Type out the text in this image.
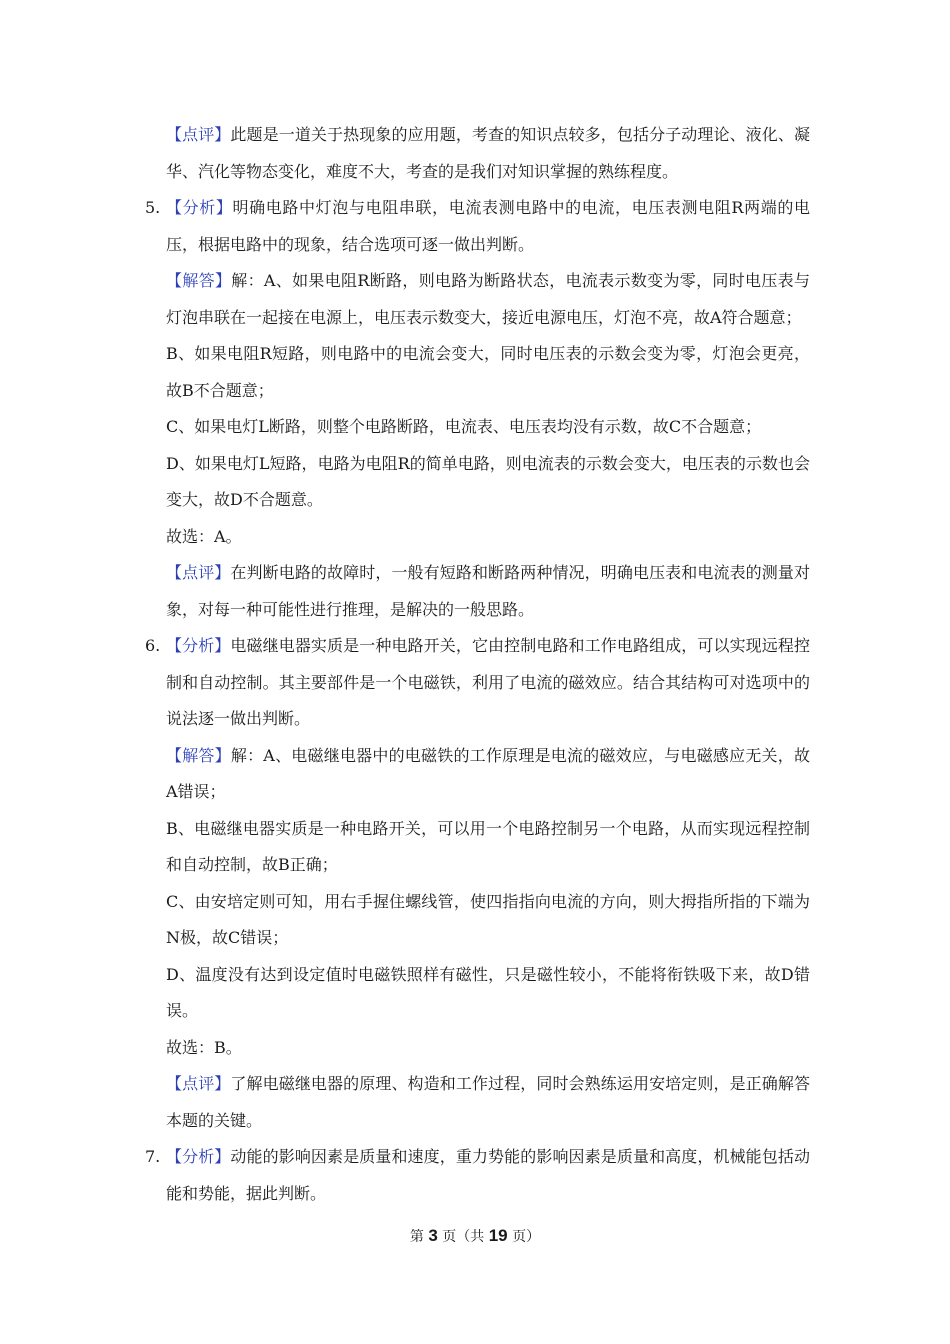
【点评】此题是一道关于热现象的应用题，考查的知识点较多，包括分子动理论、液化、凝华、汽化等物态变化，难度不大，考查的是我们对知识掌握的熟练程度。

5. 【分析】明确电路中灯泡与电阻串联，电流表测电路中的电流，电压表测电阻R两端的电压，根据电路中的现象，结合选项可逐一做出判断。

【解答】解：A、如果电阻R断路，则电路为断路状态，电流表示数变为零，同时电压表与灯泡串联在一起接在电源上，电压表示数变大，接近电源电压，灯泡不亮，故A符合题意；

B、如果电阻R短路，则电路中的电流会变大，同时电压表的示数会变为零，灯泡会更亮，故B不合题意；

C、如果电灯L断路，则整个电路断路，电流表、电压表均没有示数，故C不合题意；

D、如果电灯L短路，电路为电阻R的简单电路，则电流表的示数会变大，电压表的示数也会变大，故D不合题意。

故选：A。

【点评】在判断电路的故障时，一般有短路和断路两种情况，明确电压表和电流表的测量对象，对每一种可能性进行推理，是解决的一般思路。

6. 【分析】电磁继电器实质是一种电路开关，它由控制电路和工作电路组成，可以实现远程控制和自动控制。其主要部件是一个电磁铁，利用了电流的磁效应。结合其结构可对选项中的说法逐一做出判断。

【解答】解：A、电磁继电器中的电磁铁的工作原理是电流的磁效应，与电磁感应无关，故A错误；

B、电磁继电器实质是一种电路开关，可以用一个电路控制另一个电路，从而实现远程控制和自动控制，故B正确；

C、由安培定则可知，用右手握住螺线管，使四指指向电流的方向，则大拇指所指的下端为N极，故C错误；

D、温度没有达到设定值时电磁铁照样有磁性，只是磁性较小，不能将衔铁吸下来，故D错误。

故选：B。

【点评】了解电磁继电器的原理、构造和工作过程，同时会熟练运用安培定则，是正确解答本题的关键。

7. 【分析】动能的影响因素是质量和速度，重力势能的影响因素是质量和高度，机械能包括动能和势能，据此判断。

第 3 页（共 19 页）
